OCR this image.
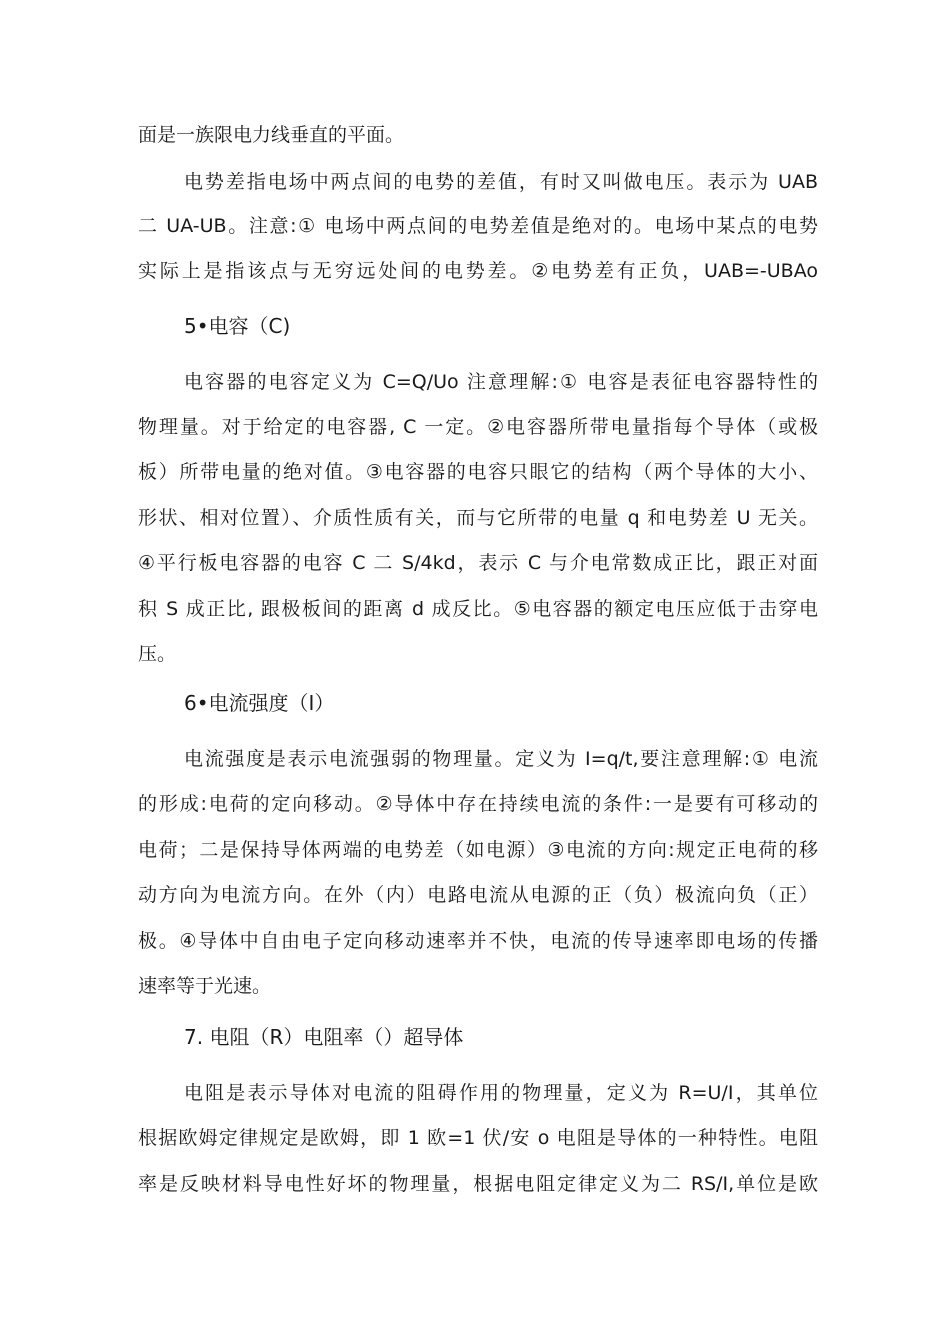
面是一族限电力线垂直的平面。
电势差指电场中两点间的电势的差值，有时又叫做电压。表示为 UAB
二 UA-UB。注意:① 电场中两点间的电势差值是绝对的。电场中某点的电势
实际上是指该点与无穷远处间的电势差。②电势差有正负，UAB=-UBAo
5•电容（C)
电容器的电容定义为 C=Q/Uo 注意理解:① 电容是表征电容器特性的
物理量。对于给定的电容器, C 一定。②电容器所带电量指每个导体（或极
板）所带电量的绝对值。③电容器的电容只眼它的结构（两个导体的大小、
形状、相对位置）、介质性质有关，而与它所带的电量 q 和电势差 U 无关。
④平行板电容器的电容 C 二 S/4kd，表示 C 与介电常数成正比，跟正对面
积 S 成正比, 跟极板间的距离 d 成反比。⑤电容器的额定电压应低于击穿电
压。
6•电流强度（I）
电流强度是表示电流强弱的物理量。定义为 I=q/t,要注意理解:① 电流
的形成:电荷的定向移动。②导体中存在持续电流的条件:一是要有可移动的
电荷；二是保持导体两端的电势差（如电源）③电流的方向:规定正电荷的移
动方向为电流方向。在外（内）电路电流从电源的正（负）极流向负（正）
极。④导体中自由电子定向移动速率并不快，电流的传导速率即电场的传播
速率等于光速。
7. 电阻（R）电阻率（）超导体
电阻是表示导体对电流的阻碍作用的物理量，定义为 R=U/I，其单位
根据欧姆定律规定是欧姆，即 1 欧=1 伏/安 o 电阻是导体的一种特性。电阻
率是反映材料导电性好坏的物理量，根据电阻定律定义为二 RS/I,单位是欧
